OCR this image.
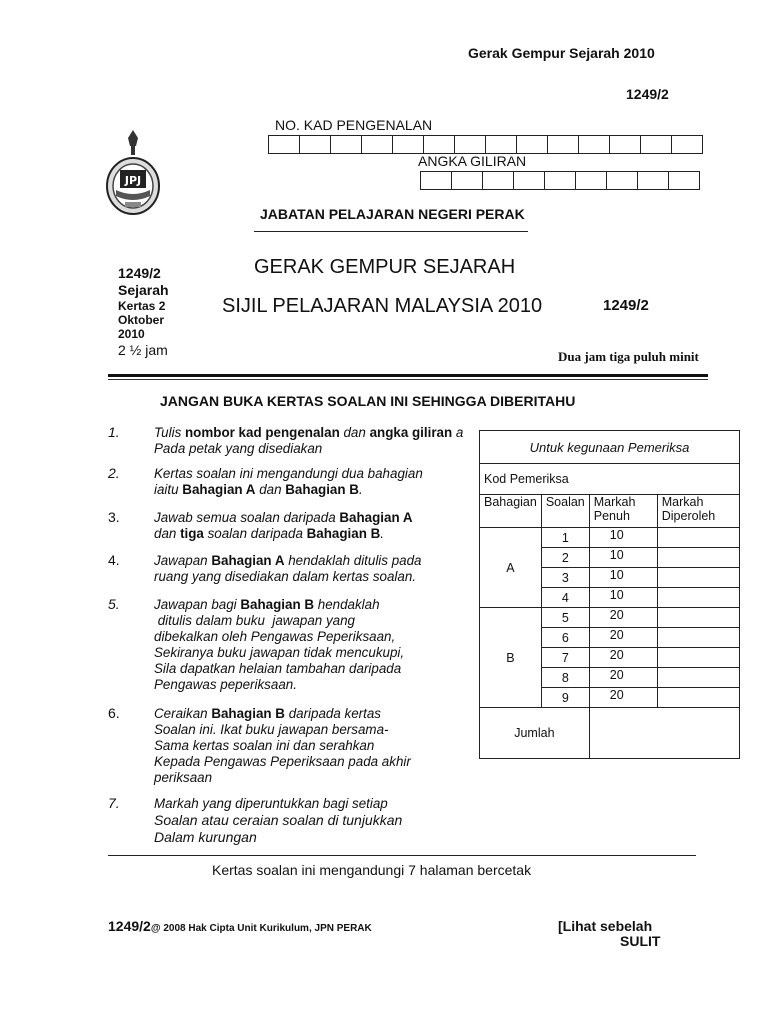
Gerak Gempur Sejarah 2010
1249/2
JPJ
NO. KAD PENGENALAN
ANGKA GILIRAN
JABATAN PELAJARAN NEGERI PERAK
1249/2
Sejarah
Kertas 2
Oktober
2010
2 ½ jam
GERAK GEMPUR SEJARAH
SIJIL PELAJARAN MALAYSIA 2010	1249/2
Dua jam tiga puluh minit
JANGAN BUKA KERTAS SOALAN INI SEHINGGA DIBERITAHU
1.	Tulis nombor kad pengenalan dan angka giliran a
Pada petak yang disediakan
2.	Kertas soalan ini mengandungi dua bahagian
iaitu Bahagian A dan Bahagian B.
3.	Jawab semua soalan daripada Bahagian A
dan tiga soalan daripada Bahagian B.
4.	Jawapan Bahagian A hendaklah ditulis pada
ruang yang disediakan dalam kertas soalan.
5.	Jawapan bagi Bahagian B hendaklah
ditulis dalam buku  jawapan yang
dibekalkan oleh Pengawas Peperiksaan,
Sekiranya buku jawapan tidak mencukupi,
Sila dapatkan helaian tambahan daripada
Pengawas peperiksaan.
6.	Ceraikan Bahagian B daripada kertas
Soalan ini. Ikat buku jawapan bersama-
Sama kertas soalan ini dan serahkan
Kepada Pengawas Peperiksaan pada akhir
periksaan
7.	Markah yang diperuntukkan bagi setiap
Soalan atau ceraian soalan di tunjukkan
Dalam kurungan
Untuk kegunaan Pemeriksa			
Kod Pemeriksa			
Bahagian	Soalan	Markah Penuh	Markah Diperoleh
A	1	10	
	2	10	
	3	10	
	4	10	
B	5	20	
	6	20	
	7	20	
	8	20	
	9	20	
Jumlah			
Kertas soalan ini mengandungi 7 halaman bercetak
1249/2@ 2008 Hak Cipta Unit Kurikulum, JPN PERAK	[Lihat sebelah
SULIT
